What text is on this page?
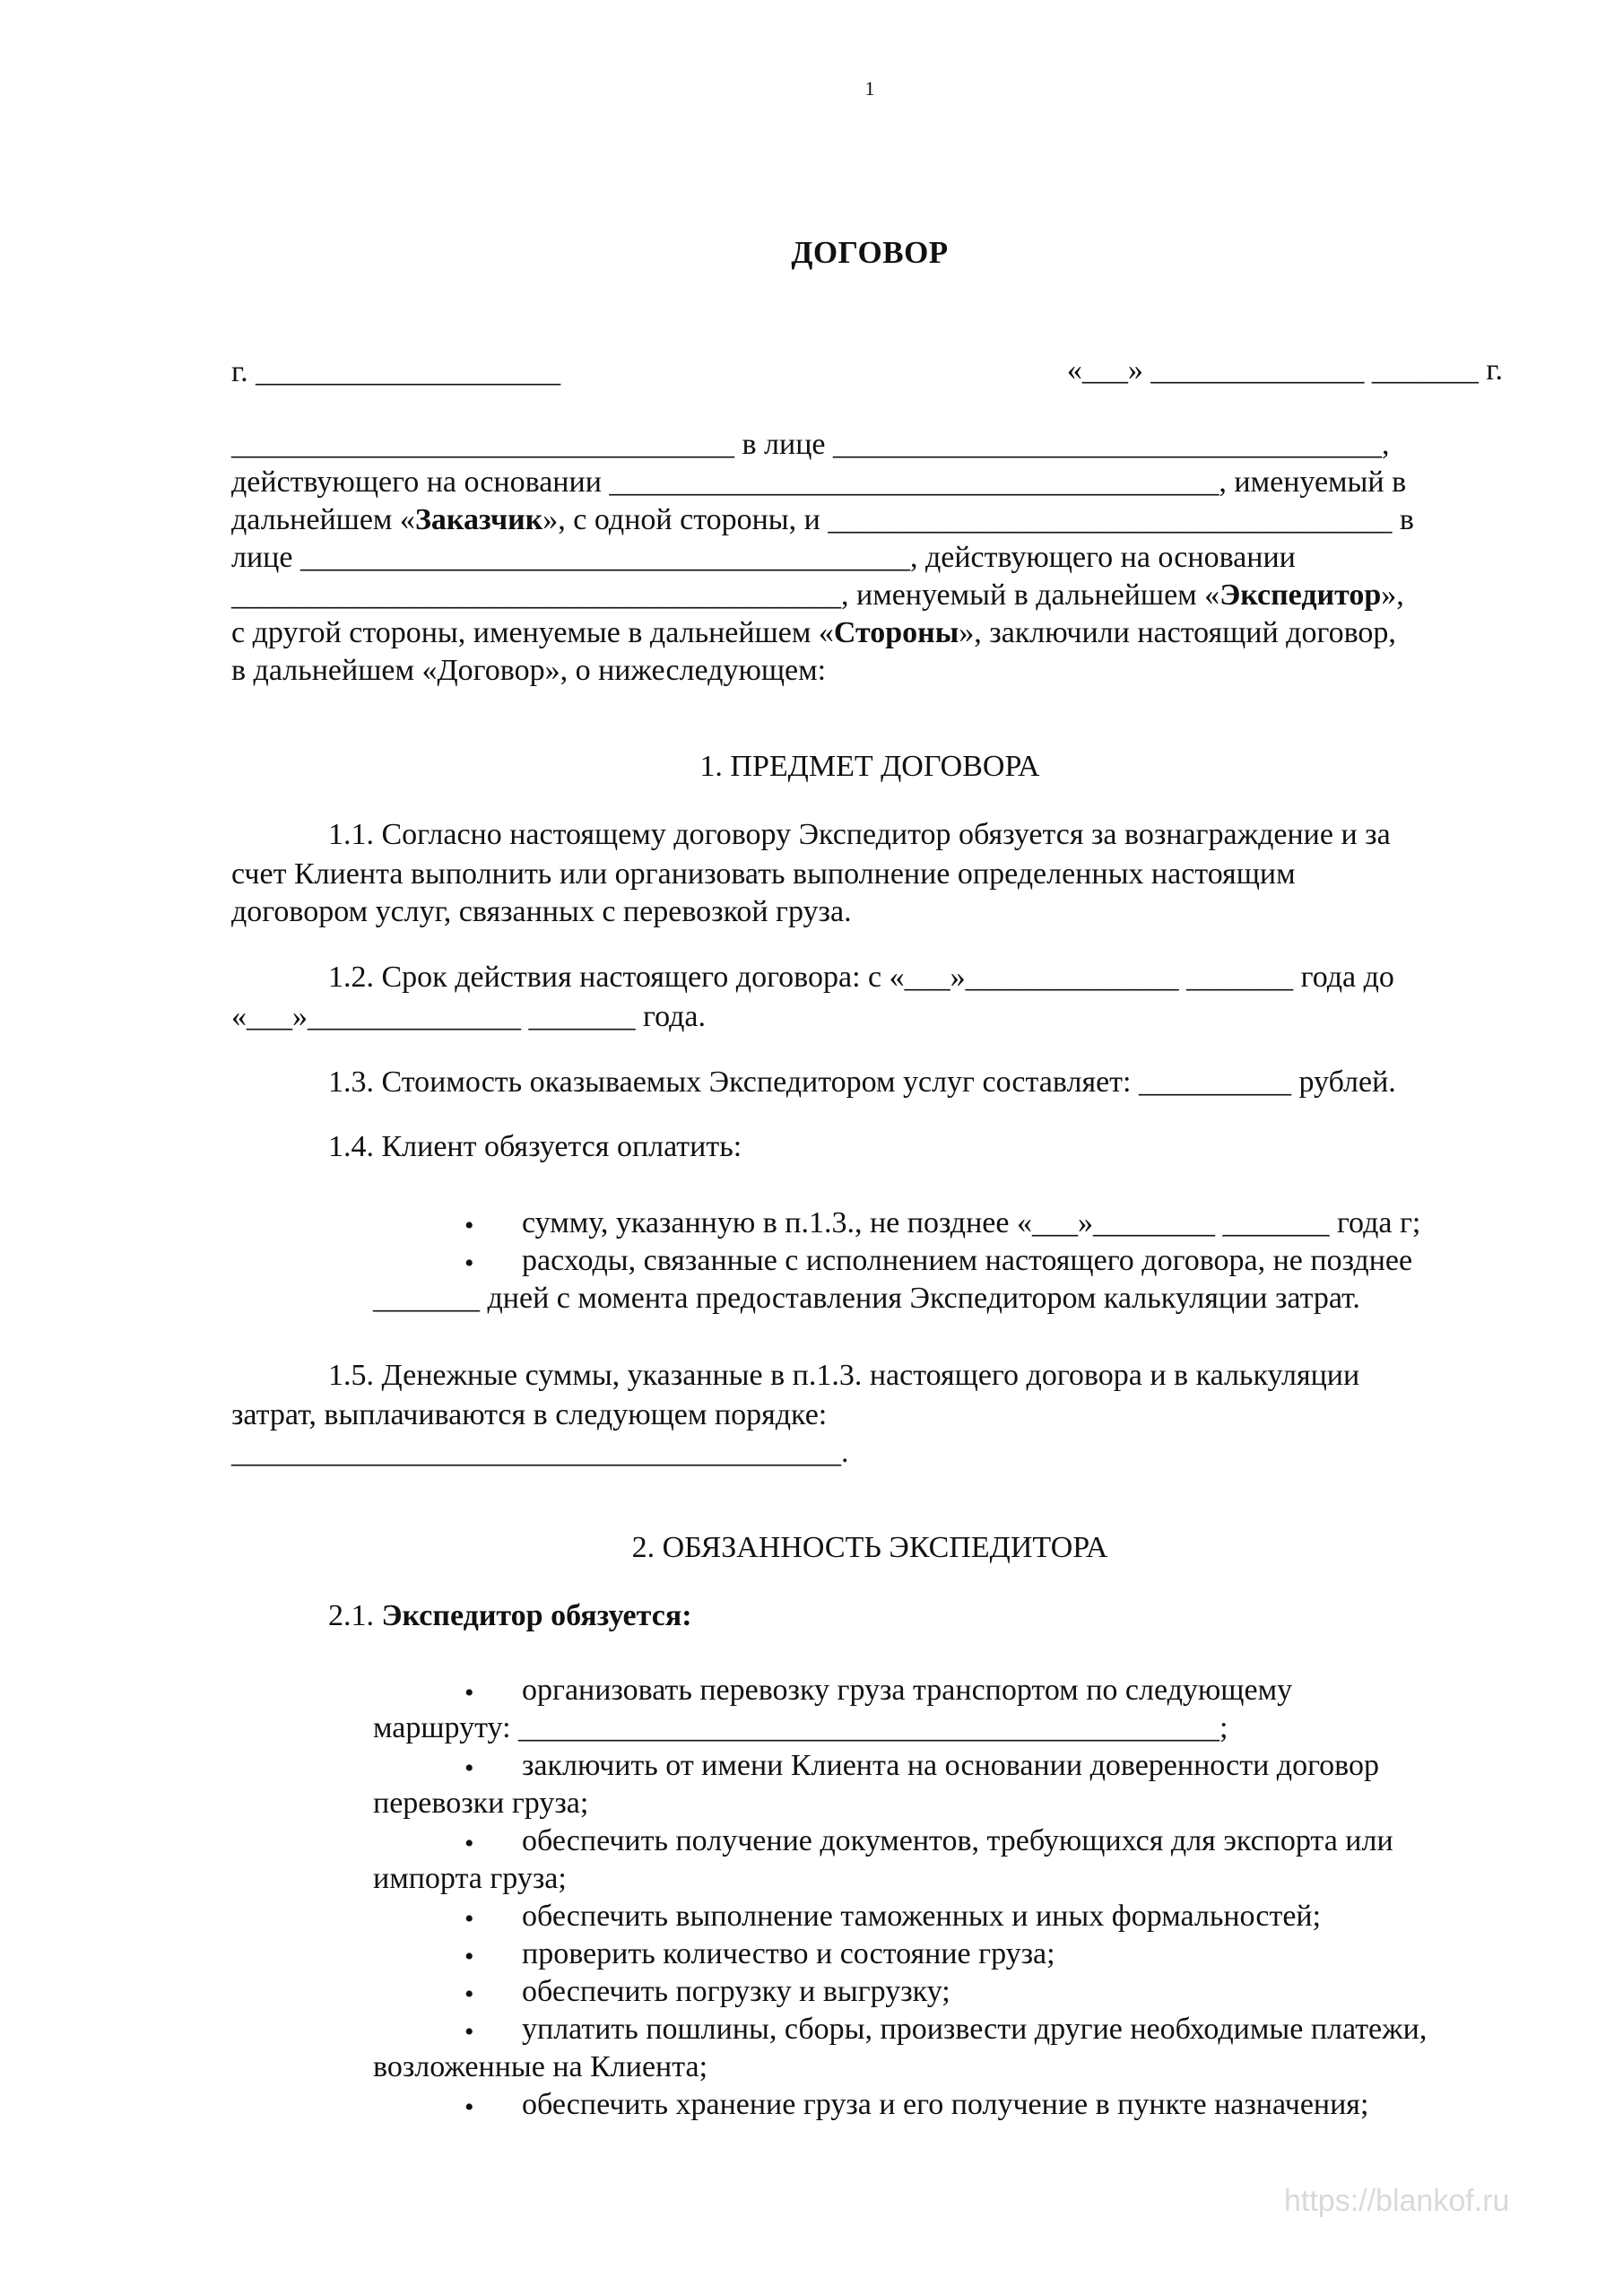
1
ДОГОВОР
г. ____________________	«___» ______________ _______ г.
_________________________________ в лице ____________________________________,
действующего на основании ________________________________________, именуемый в
дальнейшем «Заказчик», с одной стороны, и _____________________________________ в
лице ________________________________________, действующего на основании
________________________________________, именуемый в дальнейшем «Экспедитор»,
с другой стороны, именуемые в дальнейшем «Стороны», заключили настоящий договор,
в дальнейшем «Договор», о нижеследующем:
1. ПРЕДМЕТ ДОГОВОРА
1.1. Согласно настоящему договору Экспедитор обязуется за вознаграждение и за
счет Клиента выполнить или организовать выполнение определенных настоящим
договором услуг, связанных с перевозкой груза.
1.2. Срок действия настоящего договора: с «___»______________ _______ года до
«___»______________ _______ года.
1.3. Стоимость оказываемых Экспедитором услуг составляет: __________ рублей.
1.4. Клиент обязуется оплатить:
• сумму, указанную в п.1.3., не позднее «___»________ _______ года г;
• расходы, связанные с исполнением настоящего договора, не позднее
_______ дней с момента предоставления Экспедитором калькуляции затрат.
1.5. Денежные суммы, указанные в п.1.3. настоящего договора и в калькуляции
затрат, выплачиваются в следующем порядке:
________________________________________.
2. ОБЯЗАННОСТЬ ЭКСПЕДИТОРА
2.1. Экспедитор обязуется:
• организовать перевозку груза транспортом по следующему
маршруту: ______________________________________________;
• заключить от имени Клиента на основании доверенности договор
перевозки груза;
• обеспечить получение документов, требующихся для экспорта или
импорта груза;
• обеспечить выполнение таможенных и иных формальностей;
• проверить количество и состояние груза;
• обеспечить погрузку и выгрузку;
• уплатить пошлины, сборы, произвести другие необходимые платежи,
возложенные на Клиента;
• обеспечить хранение груза и его получение в пункте назначения;
https://blankof.ru
